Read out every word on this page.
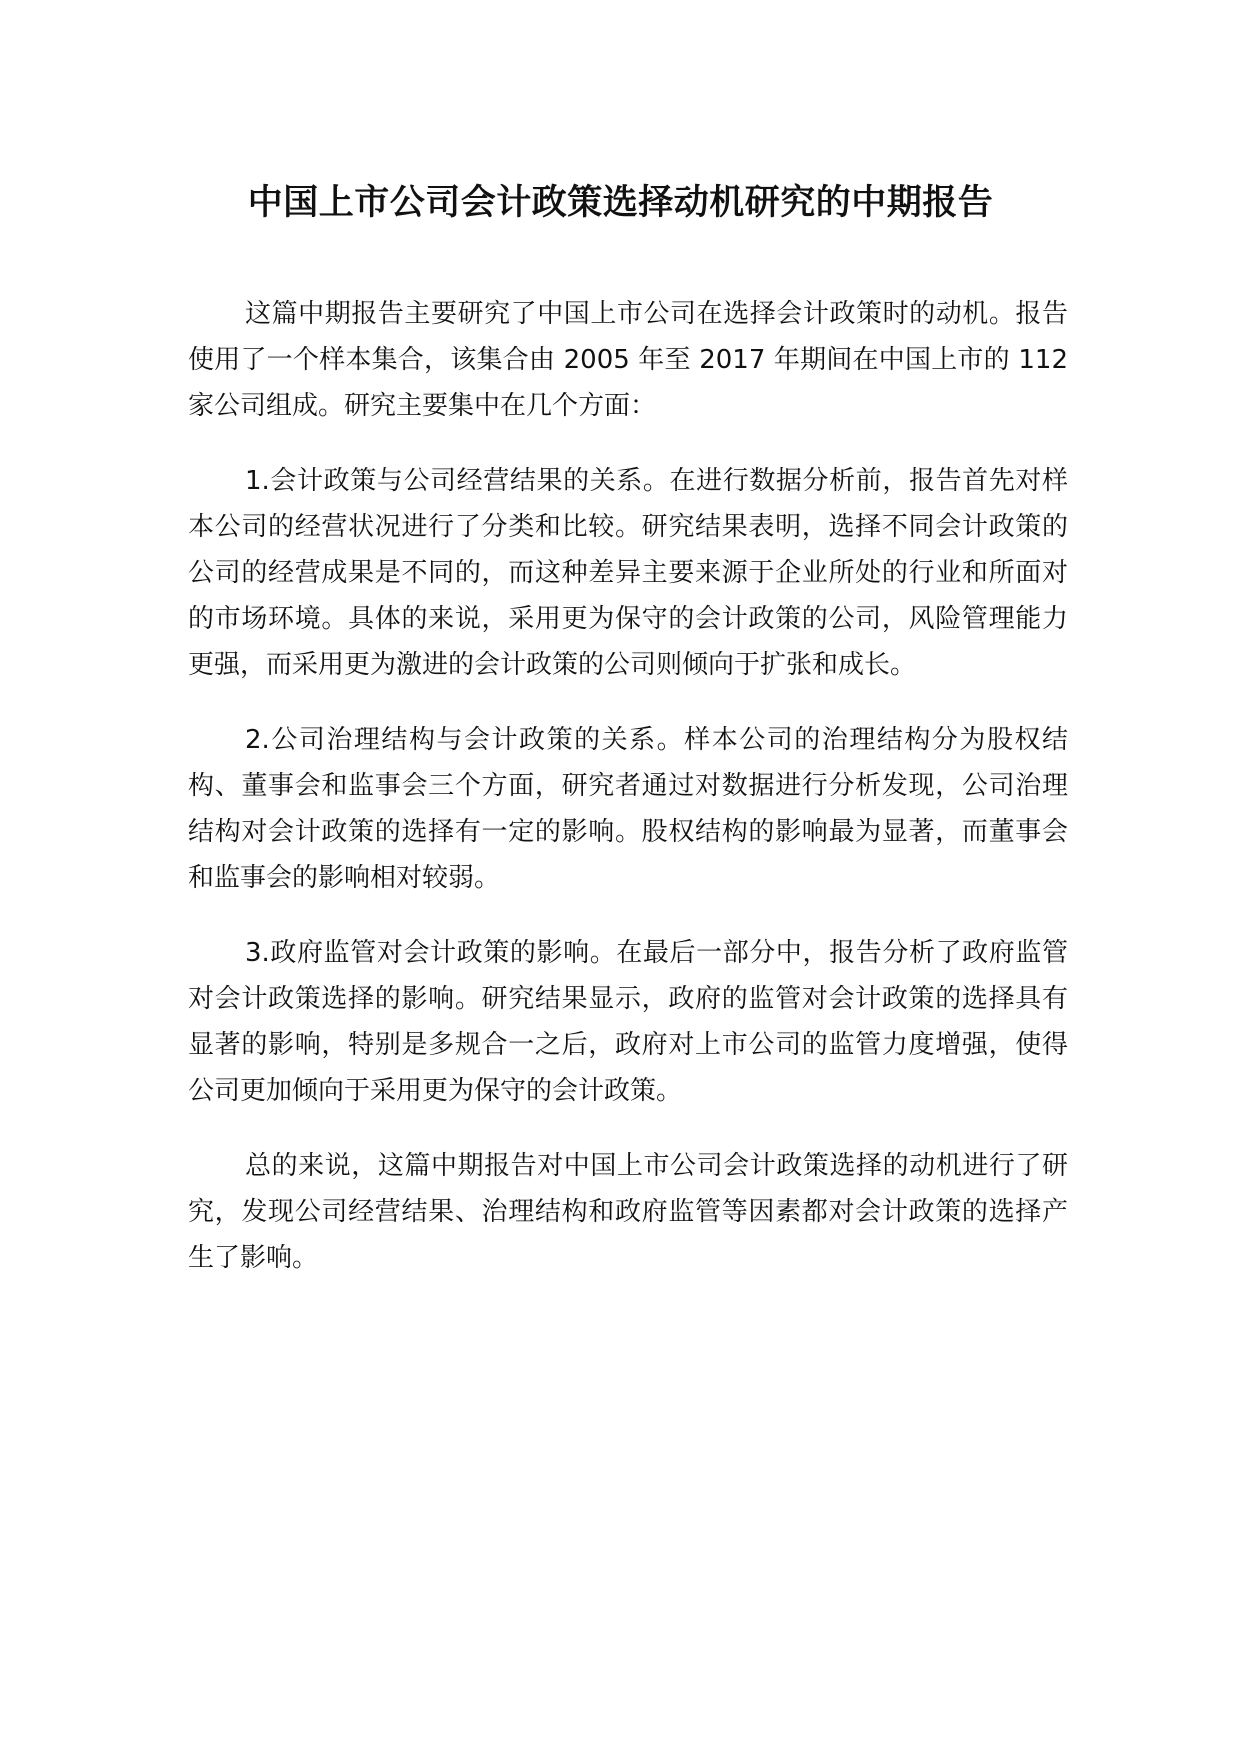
中国上市公司会计政策选择动机研究的中期报告

这篇中期报告主要研究了中国上市公司在选择会计政策时的动机。报告使用了一个样本集合，该集合由 2005 年至 2017 年期间在中国上市的 112 家公司组成。研究主要集中在几个方面：

1.会计政策与公司经营结果的关系。在进行数据分析前，报告首先对样本公司的经营状况进行了分类和比较。研究结果表明，选择不同会计政策的公司的经营成果是不同的，而这种差异主要来源于企业所处的行业和所面对的市场环境。具体的来说，采用更为保守的会计政策的公司，风险管理能力更强，而采用更为激进的会计政策的公司则倾向于扩张和成长。

2.公司治理结构与会计政策的关系。样本公司的治理结构分为股权结构、董事会和监事会三个方面，研究者通过对数据进行分析发现，公司治理结构对会计政策的选择有一定的影响。股权结构的影响最为显著，而董事会和监事会的影响相对较弱。

3.政府监管对会计政策的影响。在最后一部分中，报告分析了政府监管对会计政策选择的影响。研究结果显示，政府的监管对会计政策的选择具有显著的影响，特别是多规合一之后，政府对上市公司的监管力度增强，使得公司更加倾向于采用更为保守的会计政策。

总的来说，这篇中期报告对中国上市公司会计政策选择的动机进行了研究，发现公司经营结果、治理结构和政府监管等因素都对会计政策的选择产生了影响。
